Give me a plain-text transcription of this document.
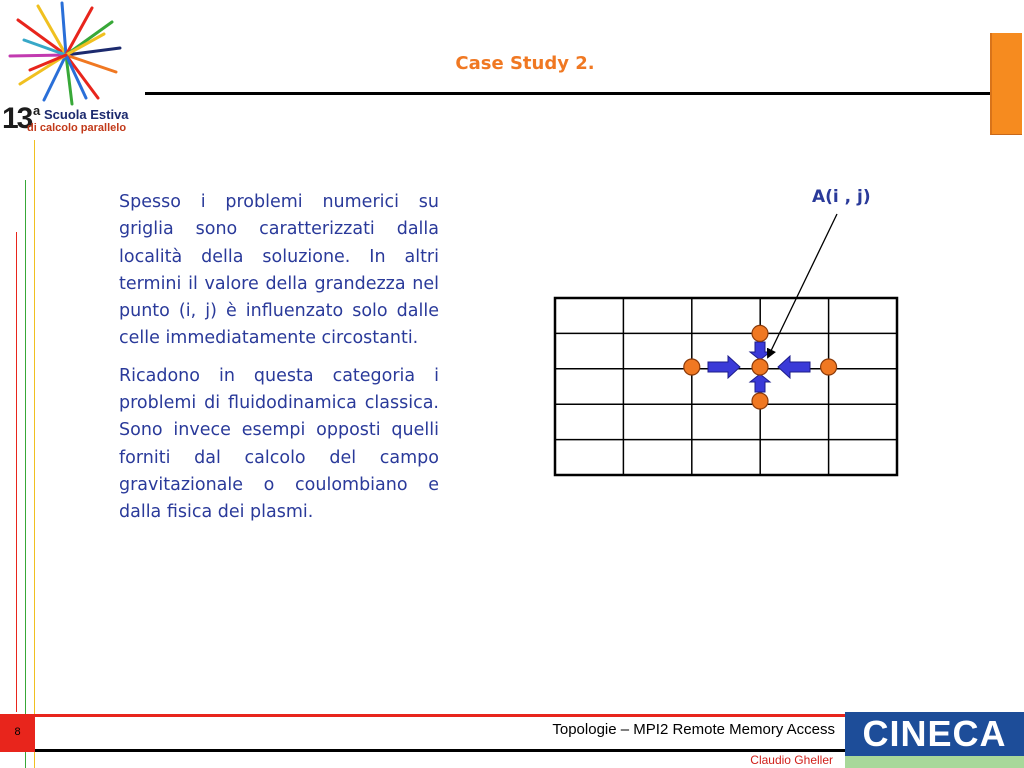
13 a Scuola Estiva
di calcolo parallelo
Case Study 2.

Spesso i problemi numerici su griglia sono caratterizzati dalla località della soluzione. In altri termini il valore della grandezza nel punto (i, j) è influenzato solo dalle celle immediatamente circostanti.

Ricadono in questa categoria i problemi di fluidodinamica classica. Sono invece esempi opposti quelli forniti dal calcolo del campo gravitazionale o coulombiano e dalla fisica dei plasmi.

A(i , j)
8	Topologie – MPI2 Remote Memory Access
Claudio Gheller
CINECA
